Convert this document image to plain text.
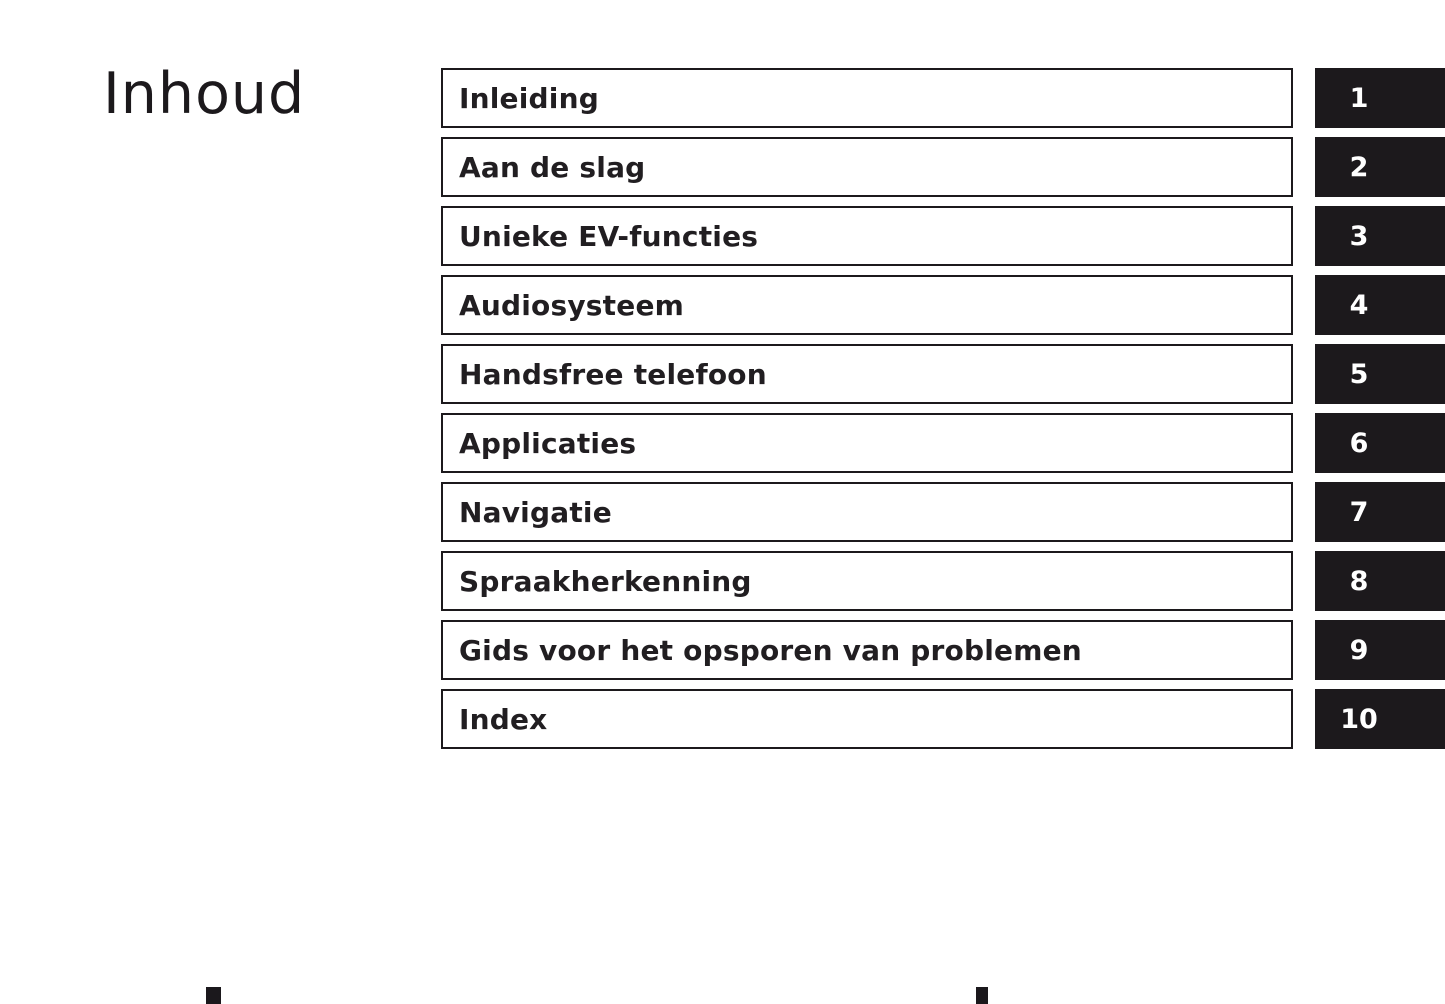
Inhoud	Inleiding
Aan de slag
Unieke EV-functies
Audiosysteem
Handsfree telefoon
Applicaties
Navigatie
Spraakherkenning
Gids voor het opsporen van problemen
Index
1
2
3
4
5
6
7
8
9
10
